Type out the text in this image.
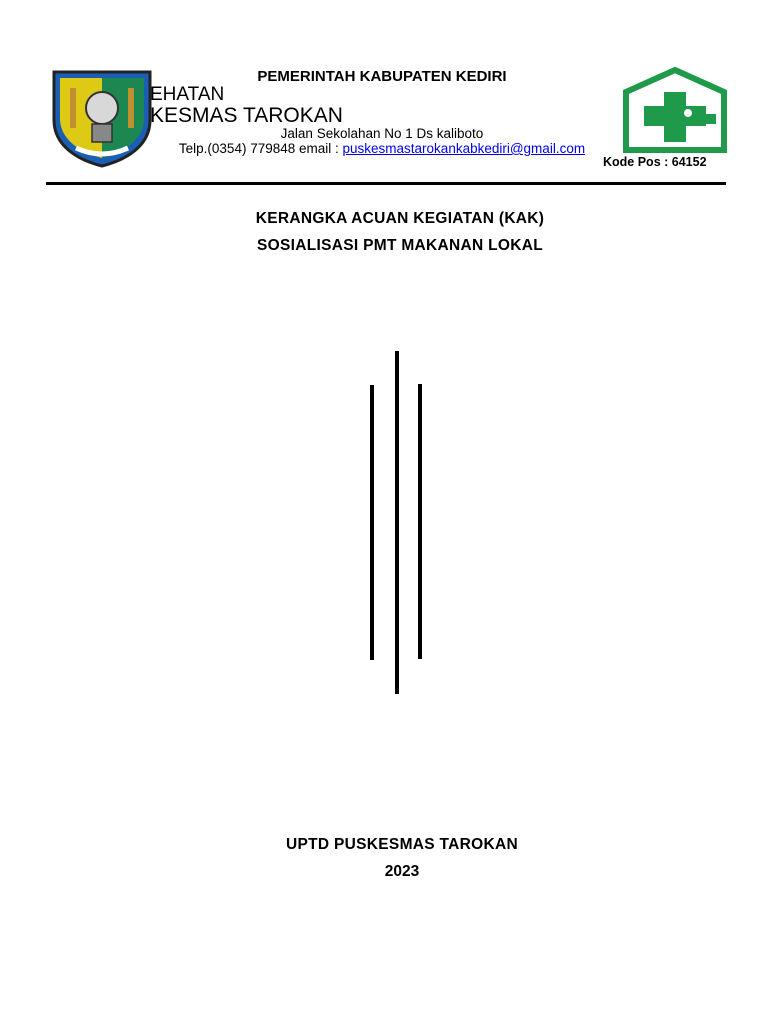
PEMERINTAH KABUPATEN KEDIRI
EHATAN
KESMAS TAROKAN
Jalan Sekolahan No 1 Ds kaliboto
Telp.(0354) 779848 email : puskesmastarokankabkediri@gmail.com
Kode Pos : 64152
KERANGKA ACUAN KEGIATAN (KAK)
SOSIALISASI PMT MAKANAN LOKAL
UPTD PUSKESMAS TAROKAN
2023
